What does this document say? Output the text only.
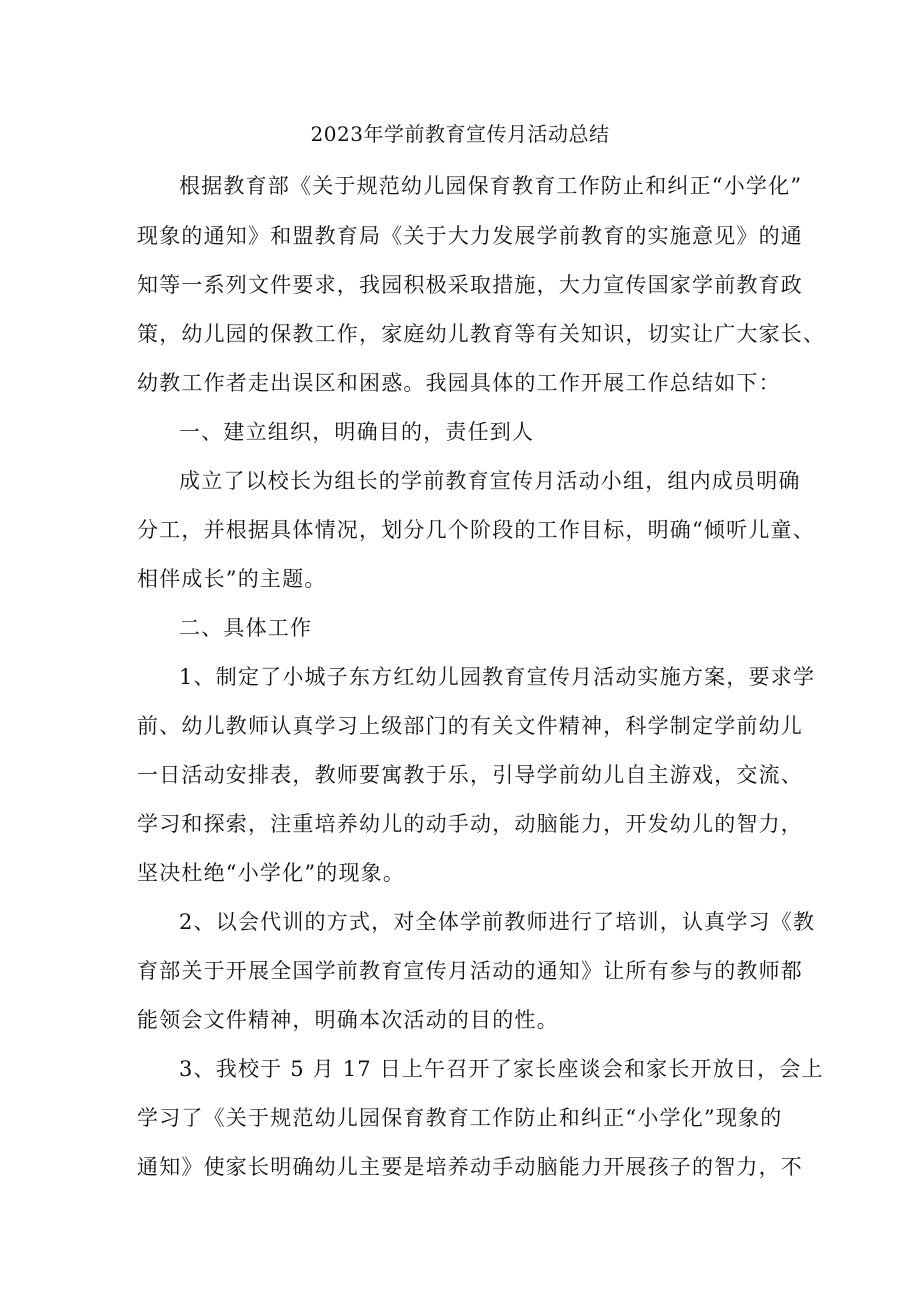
2023年学前教育宣传月活动总结
根据教育部《关于规范幼儿园保育教育工作防止和纠正“小学化”
现象的通知》和盟教育局《关于大力发展学前教育的实施意见》的通
知等一系列文件要求，我园积极采取措施，大力宣传国家学前教育政
策，幼儿园的保教工作，家庭幼儿教育等有关知识，切实让广大家长、
幼教工作者走出误区和困惑。我园具体的工作开展工作总结如下：
一、建立组织，明确目的，责任到人
成立了以校长为组长的学前教育宣传月活动小组，组内成员明确
分工，并根据具体情况，划分几个阶段的工作目标，明确“倾听儿童、
相伴成长”的主题。
二、具体工作
1、制定了小城子东方红幼儿园教育宣传月活动实施方案，要求学
前、幼儿教师认真学习上级部门的有关文件精神，科学制定学前幼儿
一日活动安排表，教师要寓教于乐，引导学前幼儿自主游戏，交流、
学习和探索，注重培养幼儿的动手动，动脑能力，开发幼儿的智力，
坚决杜绝“小学化”的现象。
2、以会代训的方式，对全体学前教师进行了培训，认真学习《教
育部关于开展全国学前教育宣传月活动的通知》让所有参与的教师都
能领会文件精神，明确本次活动的目的性。
3、我校于 5 月 17 日上午召开了家长座谈会和家长开放日，会上
学习了《关于规范幼儿园保育教育工作防止和纠正“小学化”现象的
通知》使家长明确幼儿主要是培养动手动脑能力开展孩子的智力，不
